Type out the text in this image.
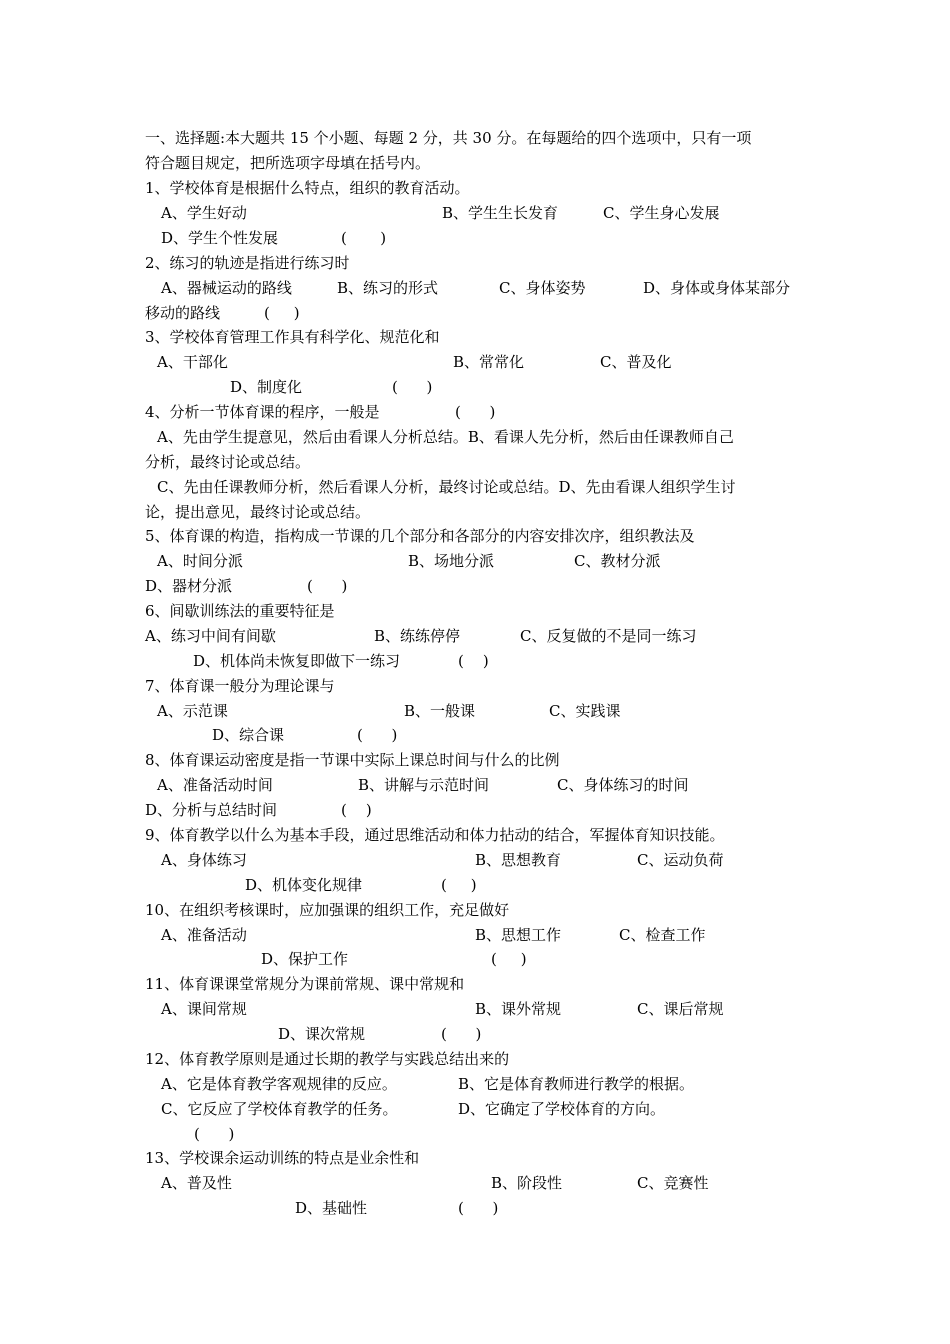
一、选择题:本大题共 15 个小题、每题 2 分，共 30 分。在每题给的四个选项中，只有一项
符合题目规定，把所选项字母填在括号内。
1、学校体育是根据什么特点，组织的教育活动。
A、学生好动	B、学生生长发育	C、学生身心发展
D、学生个性发展	(       )
2、练习的轨迹是指进行练习时
A、器械运动的路线	B、练习的形式	C、身体姿势	D、身体或身体某部分
移动的路线	(     )
3、学校体育管理工作具有科学化、规范化和
A、干部化	B、常常化	C、普及化
D、制度化	(      )
4、分析一节体育课的程序，一般是	(      )
A、先由学生提意见，然后由看课人分析总结。B、看课人先分析，然后由任课教师自己
分析，最终讨论或总结。
C、先由任课教师分析，然后看课人分析，最终讨论或总结。D、先由看课人组织学生讨
论，提出意见，最终讨论或总结。
5、体育课的构造，指构成一节课的几个部分和各部分的内容安排次序，组织教法及
A、时间分派	B、场地分派	C、教材分派
D、器材分派	(      )
6、间歇训练法的重要特征是
A、练习中间有间歇	B、练练停停	C、反复做的不是同一练习
D、机体尚未恢复即做下一练习	(    )
7、体育课一般分为理论课与
A、示范课	B、一般课	C、实践课
D、综合课	(      )
8、体育课运动密度是指一节课中实际上课总时间与什么的比例
A、准备活动时间	B、讲解与示范时间	C、身体练习的时间
D、分析与总结时间	(    )
9、体育教学以什么为基本手段，通过思维活动和体力拈动的结合，军握体育知识技能。
A、身体练习	B、思想教育	C、运动负荷
D、机体变化规律	(     )
10、在组织考核课时，应加强课的组织工作，充足做好
A、准备活动	B、思想工作	C、检查工作
D、保护工作	(     )
11、体育课课堂常规分为课前常规、课中常规和
A、课间常规	B、课外常规	C、课后常规
D、课次常规	(      )
12、体育教学原则是通过长期的教学与实践总结出来的
A、它是体育教学客观规律的反应。	B、它是体育教师进行教学的根据。
C、它反应了学校体育教学的任务。	D、它确定了学校体育的方向。
(      )
13、学校课余运动训练的特点是业余性和
A、普及性	B、阶段性	C、竞赛性
D、基础性	(      )
